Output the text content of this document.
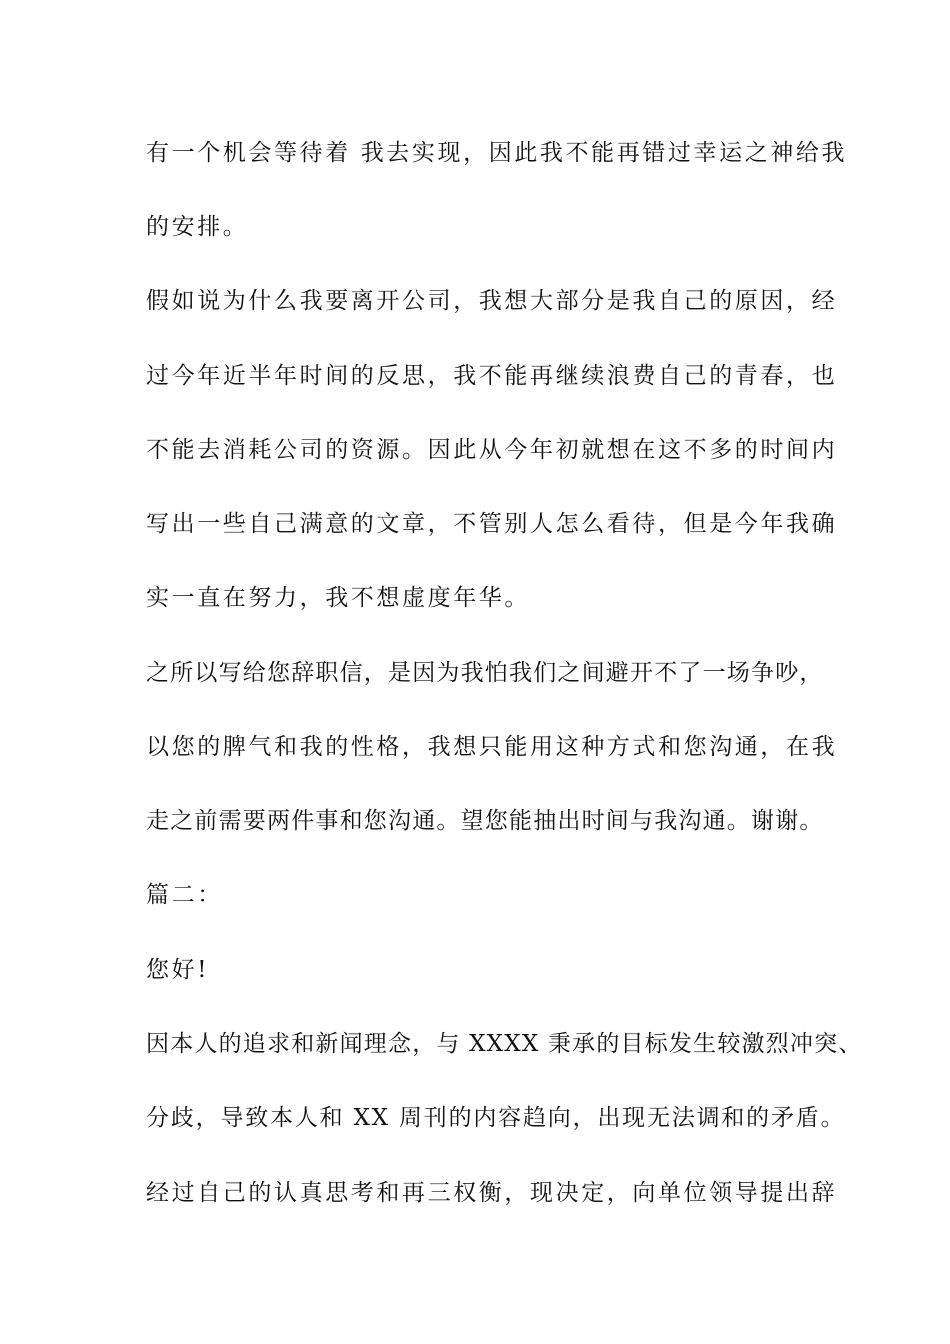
有一个机会等待着 我去实现，因此我不能再错过幸运之神给我
的安排。
假如说为什么我要离开公司，我想大部分是我自己的原因，经
过今年近半年时间的反思，我不能再继续浪费自己的青春，也
不能去消耗公司的资源。因此从今年初就想在这不多的时间内
写出一些自己满意的文章，不管别人怎么看待，但是今年我确
实一直在努力，我不想虚度年华。
之所以写给您辞职信，是因为我怕我们之间避开不了一场争吵，
以您的脾气和我的性格，我想只能用这种方式和您沟通，在我
走之前需要两件事和您沟通。望您能抽出时间与我沟通。谢谢。
篇二：
您好!
因本人的追求和新闻理念，与 XXXX 秉承的目标发生较激烈冲突、
分歧，导致本人和 XX 周刊的内容趋向，出现无法调和的矛盾。
经过自己的认真思考和再三权衡，现决定，向单位领导提出辞
